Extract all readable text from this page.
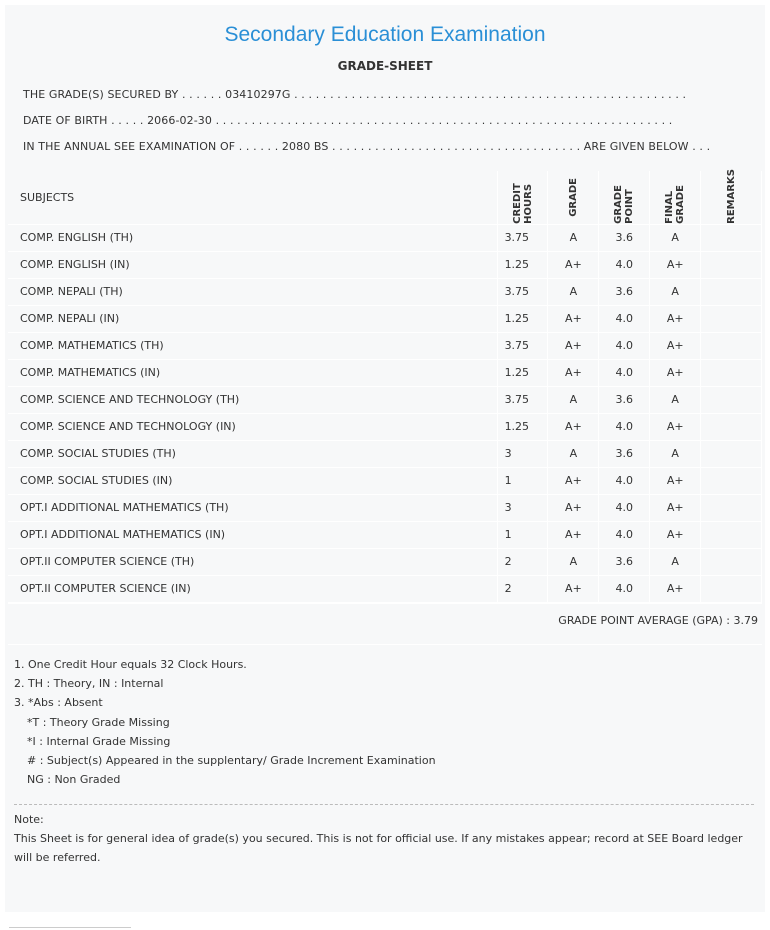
Secondary Education Examination
GRADE-SHEET
THE GRADE(S) SECURED BY . . . . . . 03410297G . . . . . . . . . . . . . . . . . . . . . . . . . . . . . . . . . . . . . . . . . . . . . . . . . . . . . . .
DATE OF BIRTH . . . . . 2066-02-30 . . . . . . . . . . . . . . . . . . . . . . . . . . . . . . . . . . . . . . . . . . . . . . . . . . . . . . . . . . . . . . . .
IN THE ANNUAL SEE EXAMINATION OF . . . . . . 2080 BS . . . . . . . . . . . . . . . . . . . . . . . . . . . . . . . . . . . ARE GIVEN BELOW . . .
SUBJECTS	CREDIT HOURS	GRADE	GRADE POINT	FINAL GRADE	REMARKS

COMP. ENGLISH (TH)	3.75	A	3.6	A	
COMP. ENGLISH (IN)	1.25	A+	4.0	A+	
COMP. NEPALI (TH)	3.75	A	3.6	A	
COMP. NEPALI (IN)	1.25	A+	4.0	A+	
COMP. MATHEMATICS (TH)	3.75	A+	4.0	A+	
COMP. MATHEMATICS (IN)	1.25	A+	4.0	A+	
COMP. SCIENCE AND TECHNOLOGY (TH)	3.75	A	3.6	A	
COMP. SCIENCE AND TECHNOLOGY (IN)	1.25	A+	4.0	A+	
COMP. SOCIAL STUDIES (TH)	3	A	3.6	A	
COMP. SOCIAL STUDIES (IN)	1	A+	4.0	A+	
OPT.I ADDITIONAL MATHEMATICS (TH)	3	A+	4.0	A+	
OPT.I ADDITIONAL MATHEMATICS (IN)	1	A+	4.0	A+	
OPT.II COMPUTER SCIENCE (TH)	2	A	3.6	A	
OPT.II COMPUTER SCIENCE (IN)	2	A+	4.0	A+	
GRADE POINT AVERAGE (GPA) : 3.79
1. One Credit Hour equals 32 Clock Hours.
2. TH : Theory, IN : Internal
3. *Abs : Absent
*T : Theory Grade Missing
*I : Internal Grade Missing
# : Subject(s) Appeared in the supplentary/ Grade Increment Examination
NG : Non Graded
Note:
This Sheet is for general idea of grade(s) you secured. This is not for official use. If any mistakes appear; record at SEE Board ledger will be referred.
